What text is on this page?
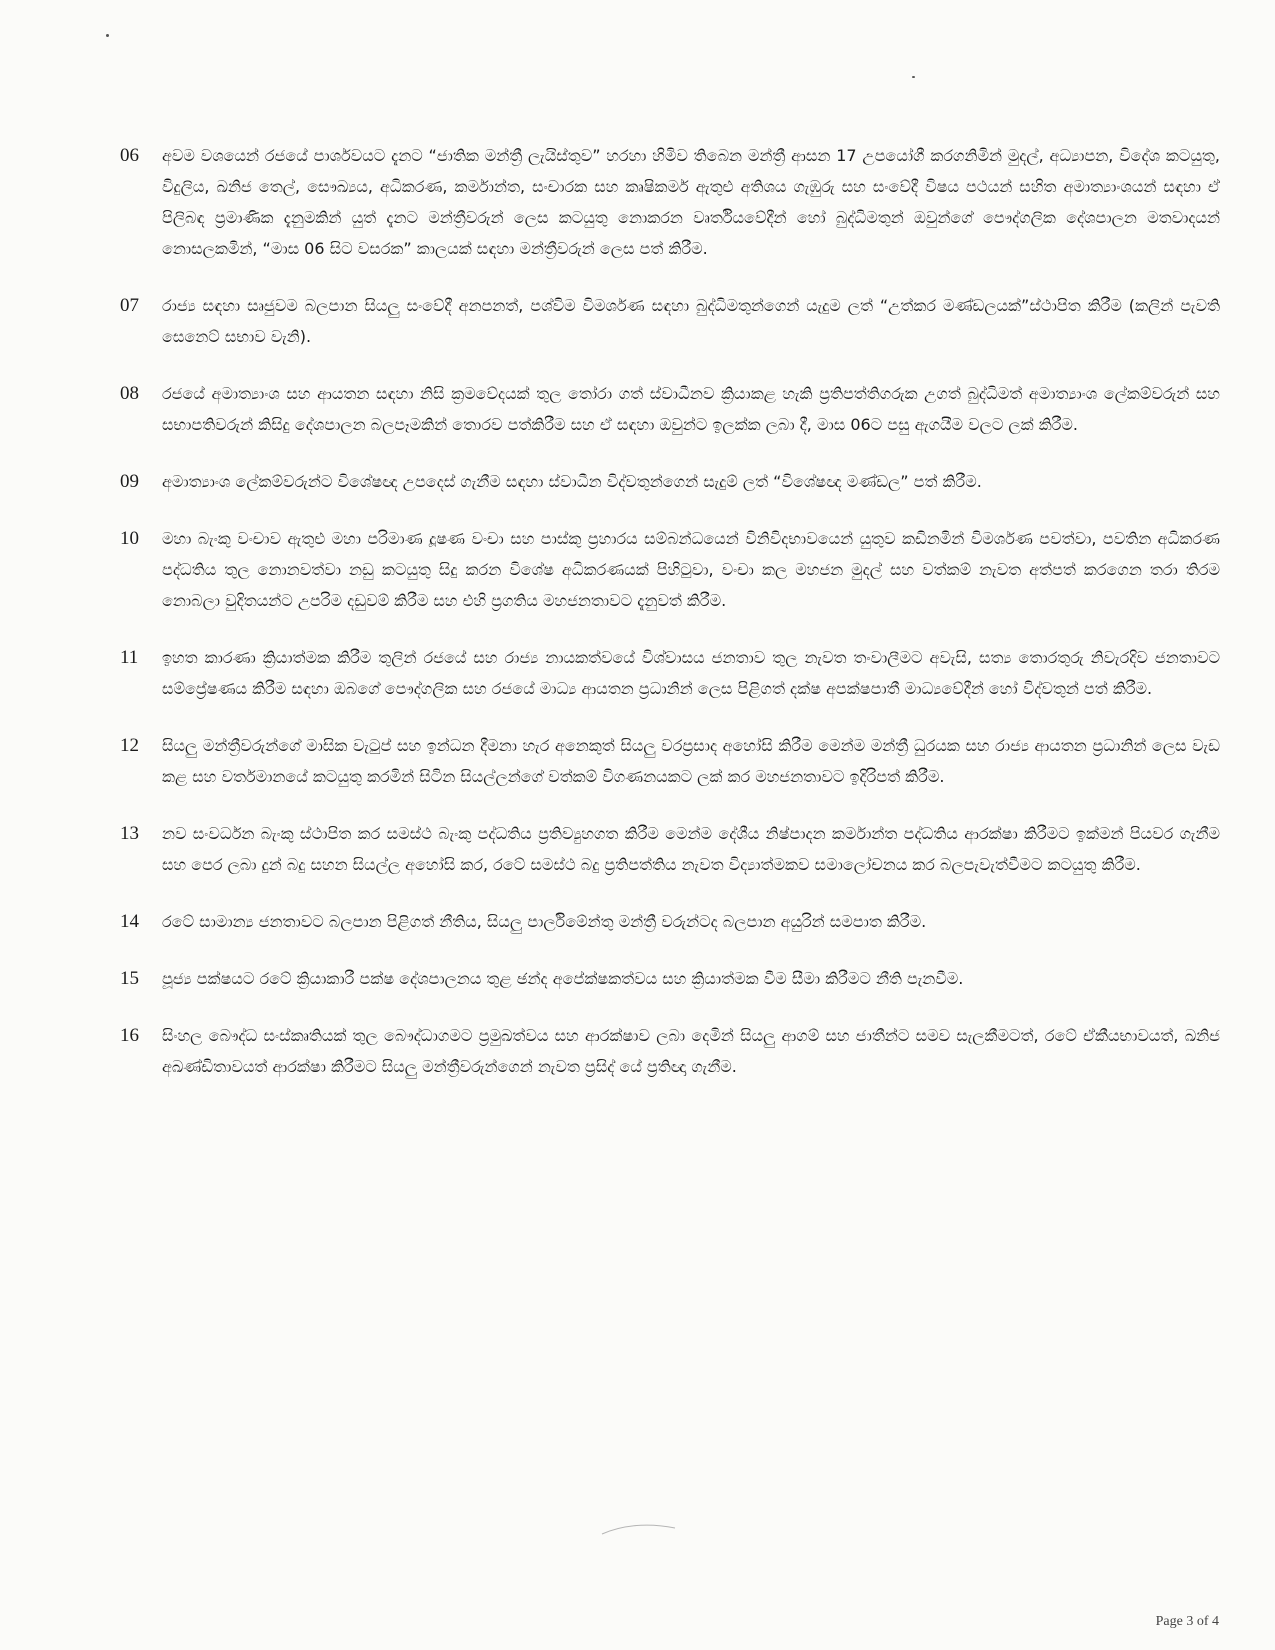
06	අවම වශයෙන් රජයේ පාර්ශවයට දැනට “ජාතික මන්ත්‍රී ලැයිස්තුව” හරහා හිමිව තිබෙන මන්ත්‍රී ආසන 17 උපයෝගී කරගනිමින් මුදල්, අධ්‍යාපන, විදේශ කටයුතු, විදුලිය, ඛනිජ තෙල්, සෞඛ්‍යය, අධිකරණ, කර්මාන්ත, සංචාරක සහ කෘෂිකර්ම ඇතුළු අතිශය ගැඹුරු සහ සංවේදී විෂය පථයන් සහිත අමාත්‍යාංශයන් සඳහා ඒ පිලිබඳ ප්‍රමාණික දැනුමකින් යුත් දැනට මන්ත්‍රීවරුන් ලෙස කටයුතු නොකරන වෘර්තියවේදීන් හෝ බුද්ධිමතුන් ඔවුන්ගේ පෞද්ගලික දේශපාලන මතවාදයන් නොසලකමින්, “මාස 06 සිට වසරක” කාලයක් සඳහා මන්ත්‍රීවරුන් ලෙස පත් කිරීම.
07	රාජ්‍ය සඳහා සෘජුවම බලපාන සියලු සංවේදී අනපනත්, පශ්විම විමර්ශණ සඳහා බුද්ධිමතුන්ගෙන් යැදුම ලත් “උත්කර මණ්ඩලයක්”ස්ථාපිත කිරීම (කලින් පැවති සෙනෙට් සභාව වැනි).
08	රජයේ අමාත්‍යාංශ සහ ආයතන සඳහා නිසි ක්‍රමවේදයක් තුල තෝරා ගත් ස්වාධීනව ක්‍රියාකළ හැකි ප්‍රතිපත්තිගරුක උගත් බුද්ධිමත් අමාත්‍යාංශ ලේකම්වරුන් සහ සභාපතිවරුන් කිසිදු දේශපාලන බලපෑමකින් තොරව පත්කිරීම සහ ඒ සඳහා ඔවුන්ට ඉලක්ක ලබා දී, මාස 06ට පසු ඇගයීම වලට ලක් කිරීම.
09	අමාත්‍යාංශ ලේකම්වරුන්ට විශේෂඥ උපදෙස් ගැනීම සඳහා ස්වාධීන විද්වතුන්ගෙන් සැදුම් ලත් “විශේෂඥ මණ්ඩල” පත් කිරීම.
10	මහා බැංකු වංචාව ඇතුළු මහා පරිමාණ දූෂණ වංචා සහ පාස්කු ප්‍රහාරය සම්බන්ධයෙන් විනිවිදභාවයෙන් යුතුව කඩිනමින් විමර්ශණ පවත්වා, පවතින අධිකරණ පද්ධතිය තුල නොනවත්වා නඩු කටයුතු සිදු කරන විශේෂ අධිකරණයක් පිහිටුවා, වංචා කල මහජන මුදල් සහ වත්කම් නැවත අත්පත් කරගෙන තරා තිරම නොබලා වුදිතයන්ට උපරිම දඩුවම් කිරීම සහ එහි ප්‍රගතිය මහජනතාවට දැනුවත් කිරීම.
11	ඉහත කාරණා ක්‍රියාත්මක කිරීම තුලින් රජයේ සහ රාජ්‍ය නායකත්වයේ විශ්වාසය ජනතාව තුල නැවත තංවාලීමට අවැසි, සත්‍ය තොරතුරු නිවැරදිව ජනතාවට සම්ප්‍රේෂණය කිරීම සඳහා ඔබගේ පෞද්ගලික සහ රජයේ මාධ්‍ය ආයතන ප්‍රධානින් ලෙස පිළිගත් දක්ෂ අපක්ෂපාතී මාධ්‍යවේදීන් හෝ විද්වතුන් පත් කිරීම.
12	සියලු මන්ත්‍රීවරුන්ගේ මාසික වැටුප් සහ ඉන්ධන දීමනා හැර අනෙකුත් සියලු වරප්‍රසාද අහෝසි කිරීම මෙන්ම මන්ත්‍රී ධුරයක සහ රාජ්‍ය ආයතන ප්‍රධානින් ලෙස වැඩ කළ සහ වර්තමානයේ කටයුතු කරමින් සිටින සියල්ලන්ගේ වත්කම් විගණනයකට ලක් කර මහජනතාවට ඉදිරිපත් කිරීම.
13	නව සංවර්ධන බැංකු ස්ථාපිත කර සමස්ථ බැංකු පද්ධතිය ප්‍රතිව්‍යුහගත කිරීම මෙන්ම දේශීය නිෂ්පාදන කර්මාන්ත පද්ධතිය ආරක්ෂා කිරීමට ඉක්මන් පියවර ගැනීම සහ පෙර ලබා දුන් බදු සහන සියල්ල අහෝසි කර, රටේ සමස්ථ බදු ප්‍රතිපත්තිය නැවත විද්‍යාත්මකව සමාලෝචනය කර බලපැවැත්වීමට කටයුතු කිරීම.
14	රටේ සාමාන්‍ය ජනතාවට බලපාන පිළිගත් නීතිය, සියලු පාර්ලිමේන්තු මන්ත්‍රී වරුන්ටද බලපාන අයුරින් සමපාත කිරීම.
15	පූජ්‍ය පක්ෂයට රටේ ක්‍රියාකාරී පක්ෂ දේශපාලනය තුළ ඡන්ද අපේක්ෂකත්වය සහ ක්‍රියාත්මක වීම සීමා කිරීමට නීති පැනවීම.
16	සිංහල බෞද්ධ සංස්කෘතියක් තුල බෞද්ධාගමට ප්‍රමුඛත්වය සහ ආරක්ෂාව ලබා දෙමින් සියලු ආගම් සහ ජාතීන්ට සමව සැලකීමටත්, රටේ ඒකීයභාවයත්, ඛනිජ අඛණ්ඩිතාවයත් ආරක්ෂා කිරීමට සියලු මන්ත්‍රීවරුන්ගෙන් නැවත ප්‍රසිද් යේ ප්‍රතිඥා ගැනීම.
Page 3 of 4
